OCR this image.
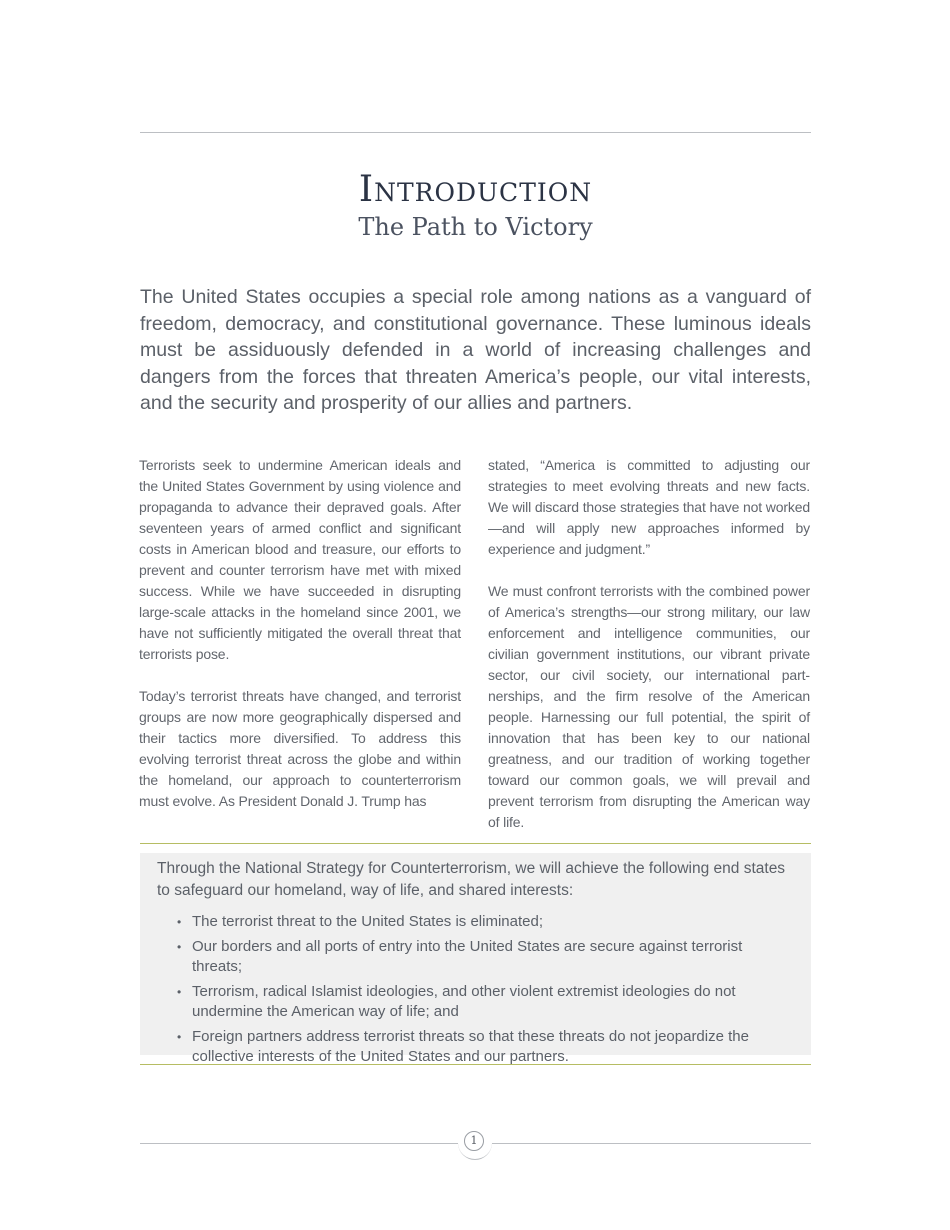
Introduction
The Path to Victory

The United States occupies a special role among nations as a vanguard of freedom, democracy, and constitutional governance. These luminous ideals must be assiduously defended in a world of increasing challenges and dangers from the forces that threaten America’s people, our vital interests, and the security and prosperity of our allies and partners.

Terrorists seek to undermine American ideals and the United States Government by using violence and propaganda to advance their depraved goals. After seventeen years of armed conflict and significant costs in American blood and treasure, our efforts to prevent and counter terrorism have met with mixed success. While we have succeeded in disrupting large-scale attacks in the homeland since 2001, we have not sufficiently mitigated the overall threat that terrorists pose.

Today’s terrorist threats have changed, and terrorist groups are now more geographically dispersed and their tactics more diversified. To address this evolving terrorist threat across the globe and within the homeland, our approach to counterterrorism must evolve. As President Donald J. Trump has

stated, “America is committed to adjusting our strategies to meet evolving threats and new facts. We will discard those strategies that have not worked—and will apply new approaches informed by experience and judgment.”

We must confront terrorists with the combined power of America’s strengths—our strong military, our law enforcement and intelligence communities, our civilian government institutions, our vibrant private sector, our civil society, our international partnerships, and the firm resolve of the American people. Harnessing our full potential, the spirit of innovation that has been key to our national greatness, and our tradition of working together toward our common goals, we will prevail and prevent terrorism from disrupting the American way of life.

Through the National Strategy for Counterterrorism, we will achieve the following end states to safeguard our homeland, way of life, and shared interests:

• The terrorist threat to the United States is eliminated;
• Our borders and all ports of entry into the United States are secure against terrorist threats;
• Terrorism, radical Islamist ideologies, and other violent extremist ideologies do not undermine the American way of life; and
• Foreign partners address terrorist threats so that these threats do not jeopardize the collective interests of the United States and our partners.
1
